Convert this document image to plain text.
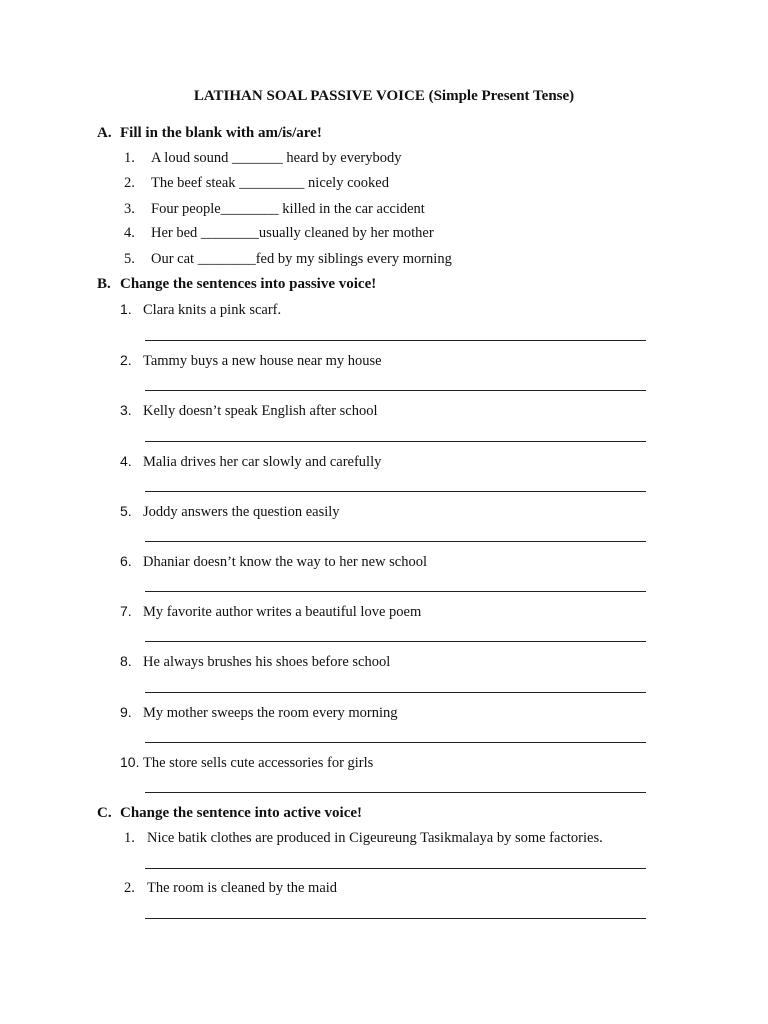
LATIHAN SOAL PASSIVE VOICE (Simple Present Tense)
A. Fill in the blank with am/is/are!
1. A loud sound _______ heard by everybody
2. The beef steak _________ nicely cooked
3. Four people________ killed in the car accident
4. Her bed ________usually cleaned by her mother
5. Our cat ________fed by my siblings every morning
B. Change the sentences into passive voice!
1. Clara knits a pink scarf.
2. Tammy buys a new house near my house
3. Kelly doesn’t speak English after school
4. Malia drives her car slowly and carefully
5. Joddy answers the question easily
6. Dhaniar doesn’t know the way to her new school
7. My favorite author writes a beautiful love poem
8. He always brushes his shoes before school
9. My mother sweeps the room every morning
10. The store sells cute accessories for girls
C. Change the sentence into active voice!
1. Nice batik clothes are produced in Cigeureung Tasikmalaya by some factories.
2. The room is cleaned by the maid
